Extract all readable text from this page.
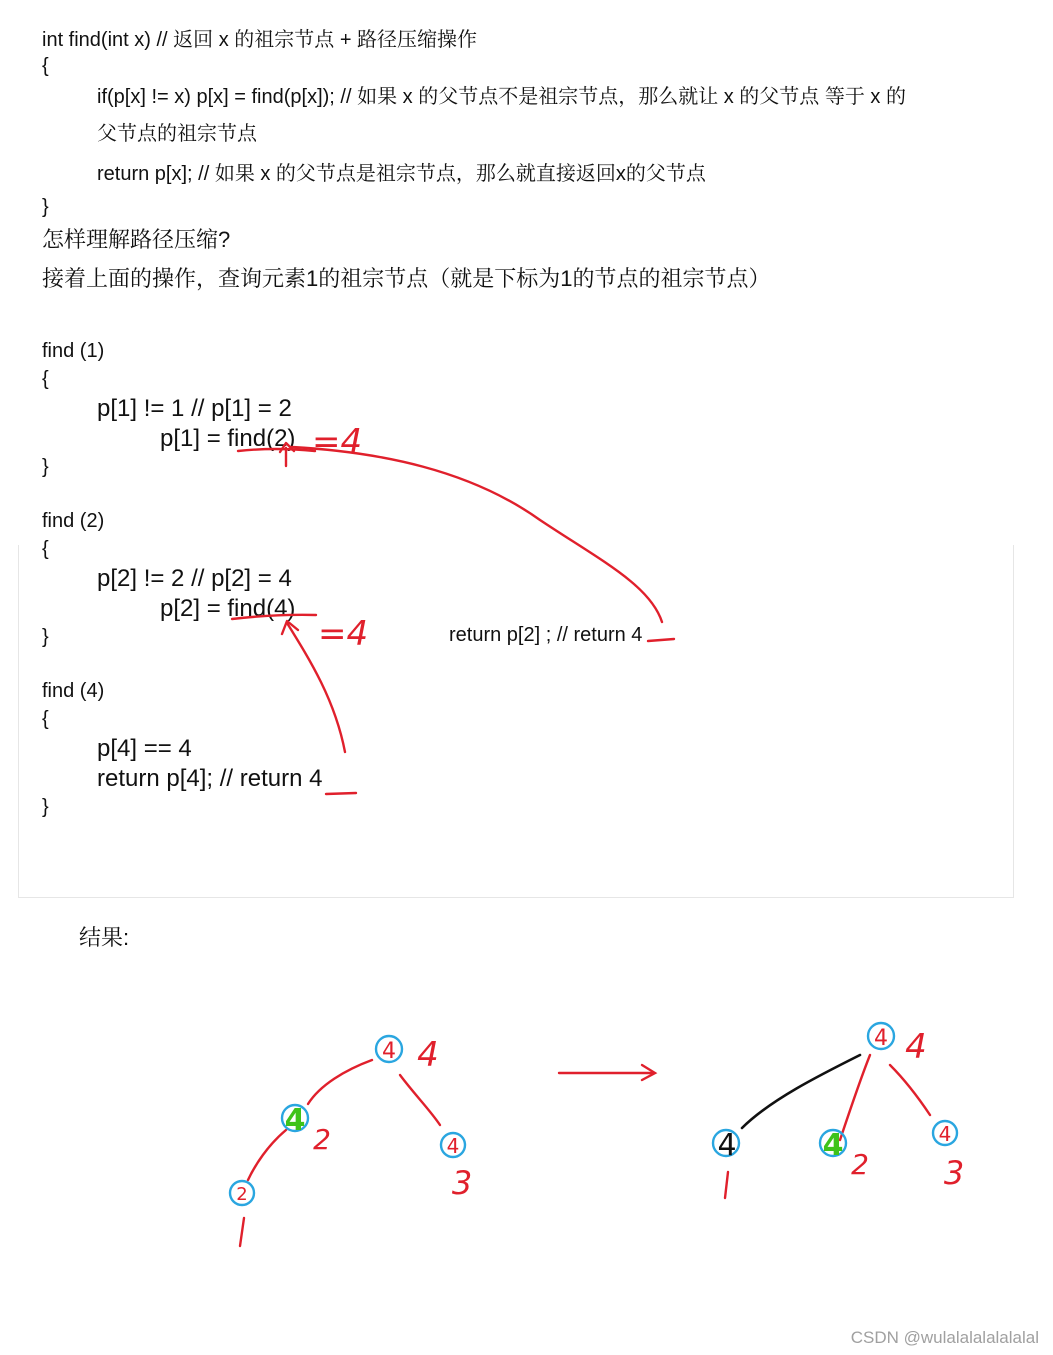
int find(int x) // 返回 x 的祖宗节点 + 路径压缩操作
{
if(p[x] != x) p[x] = find(p[x]); // 如果 x 的父节点不是祖宗节点，那么就让 x 的父节点 等于 x 的
父节点的祖宗节点
return p[x]; // 如果 x 的父节点是祖宗节点，那么就直接返回x的父节点
}
怎样理解路径压缩?
接着上面的操作，查询元素1的祖宗节点（就是下标为1的节点的祖宗节点）
find (1)
{
p[1] != 1 // p[1] = 2
p[1] = find(2)
}
find (2)
{
p[2] != 2 // p[2] = 4
p[2] = find(4)
}	return p[2] ; // return 4
find (4)
{
p[4] == 4
return p[4]; // return 4
}
结果:
=4
=4
4 4
4
2	4
3
2
4 4
4	4
2
4
3
CSDN @wulalalalalalalal
